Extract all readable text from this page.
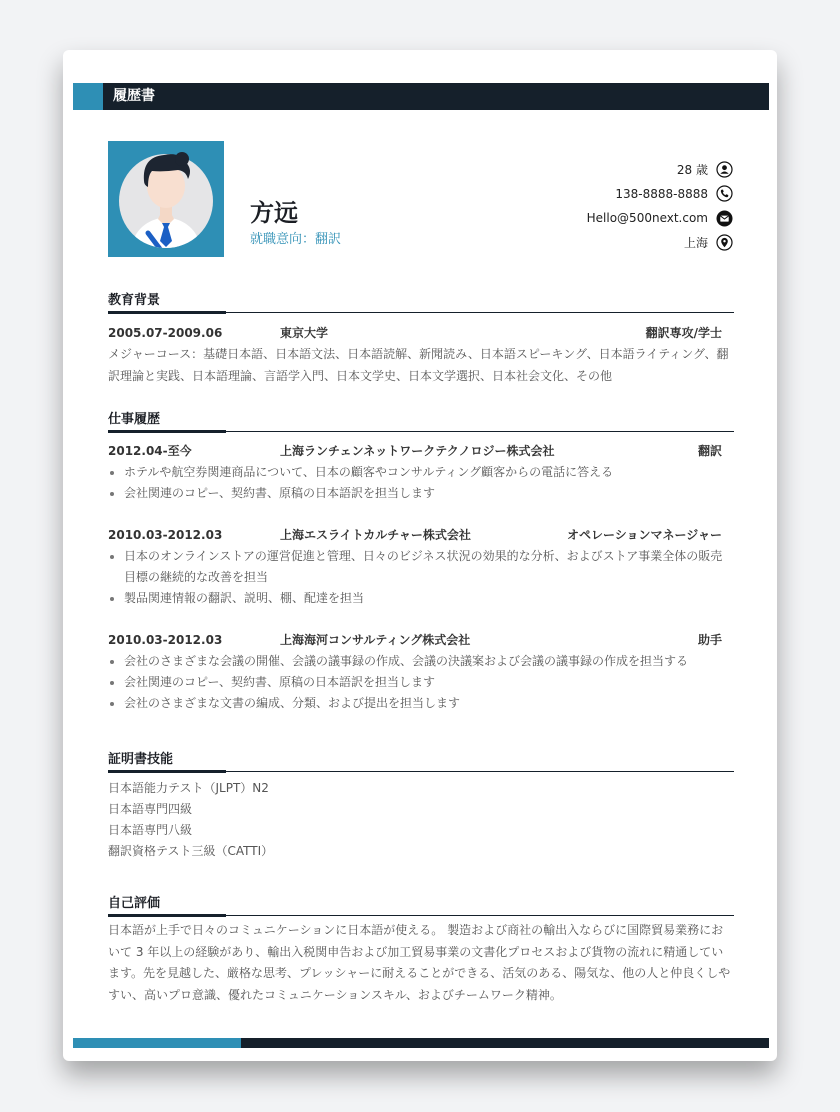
履歴書
方远
就職意向：翻訳
28 歳
138-8888-8888
Hello@500next.com
上海
教育背景
2005.07-2009.06	東京大学	翻訳専攻/学士
メジャーコース：基礎日本語、日本語文法、日本語読解、新聞読み、日本語スピーキング、日本語ライティング、翻訳理論と実践、日本語理論、言語学入門、日本文学史、日本文学選択、日本社会文化、その他
仕事履歴
2012.04-至今	上海ランチェンネットワークテクノロジー株式会社	翻訳
ホテルや航空券関連商品について、日本の顧客やコンサルティング顧客からの電話に答える
会社関連のコピー、契約書、原稿の日本語訳を担当します
2010.03-2012.03	上海エスライトカルチャー株式会社	オペレーションマネージャー
日本のオンラインストアの運営促進と管理、日々のビジネス状況の効果的な分析、およびストア事業全体の販売目標の継続的な改善を担当
製品関連情報の翻訳、説明、棚、配達を担当
2010.03-2012.03	上海海河コンサルティング株式会社	助手
会社のさまざまな会議の開催、会議の議事録の作成、会議の決議案および会議の議事録の作成を担当する
会社関連のコピー、契約書、原稿の日本語訳を担当します
会社のさまざまな文書の編成、分類、および提出を担当します
証明書技能
日本語能力テスト（JLPT）N2
日本語専門四級
日本語専門八級
翻訳資格テスト三級（CATTI）
自己評価
日本語が上手で日々のコミュニケーションに日本語が使える。 製造および商社の輸出入ならびに国際貿易業務において 3 年以上の経験があり、輸出入税関申告および加工貿易事業の文書化プロセスおよび貨物の流れに精通しています。先を見越した、厳格な思考、プレッシャーに耐えることができる、活気のある、陽気な、他の人と仲良くしやすい、高いプロ意識、優れたコミュニケーションスキル、およびチームワーク精神。
